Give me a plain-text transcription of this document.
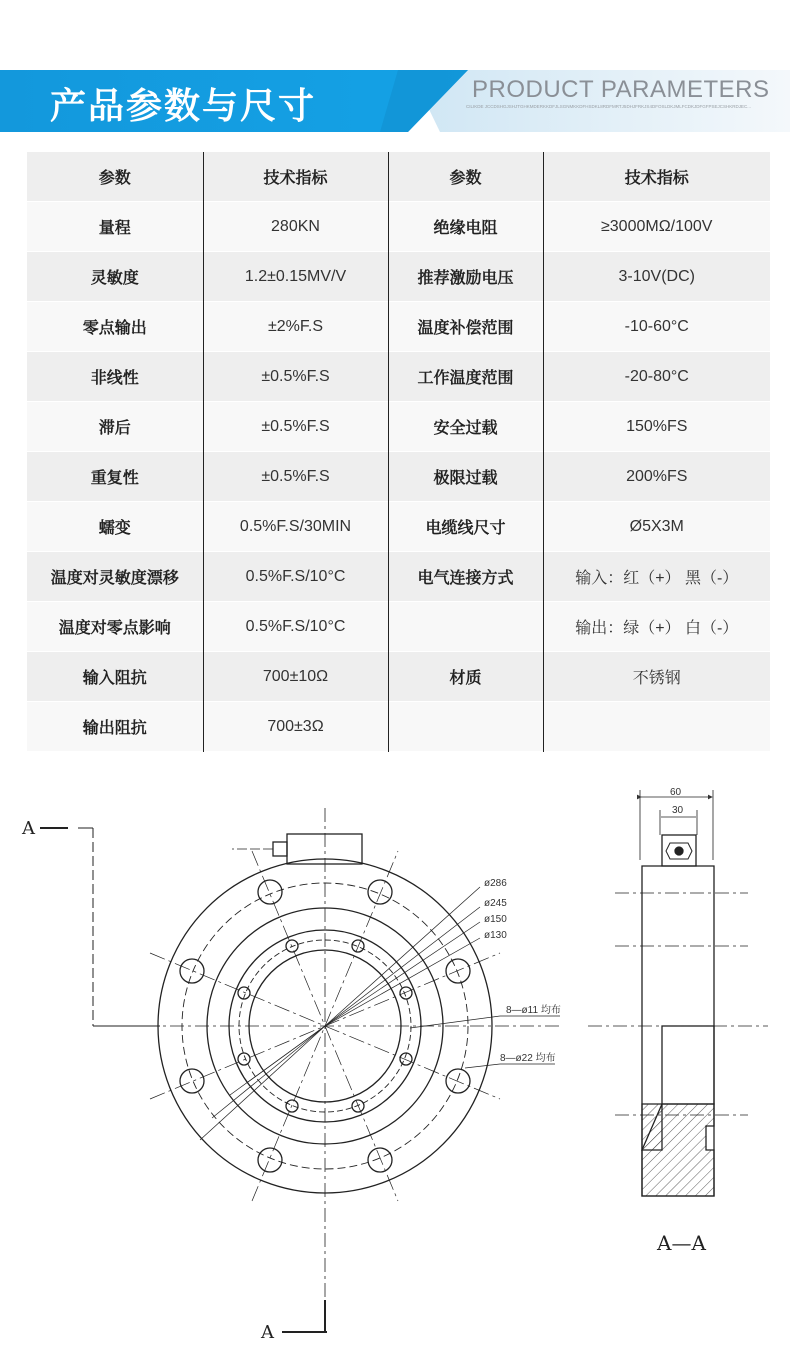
产品参数与尺寸	PRODUCT PARAMETERS
CILIKDE JCCDSHGJSHJTGHKMDERKKDFJLSGNMKKDFHSDKL8RDFMRTJ5DHJFRKJS4DFOSLDKJMLFCDKJDFGFPSEJCSHKRDJEC...
参数	技术指标	参数	技术指标
量程	280KN	绝缘电阻	≥3000MΩ/100V
灵敏度	1.2±0.15MV/V	推荐激励电压	3-10V(DC)
零点输出	±2%F.S	温度补偿范围	-10-60°C
非线性	±0.5%F.S	工作温度范围	-20-80°C
滞后	±0.5%F.S	安全过载	150%FS
重复性	±0.5%F.S	极限过载	200%FS
蠕变	0.5%F.S/30MIN	电缆线尺寸	Ø5X3M
温度对灵敏度漂移	0.5%F.S/10°C	电气连接方式	输入：红（+） 黑（-）
温度对零点影响	0.5%F.S/10°C		输出：绿（+） 白（-）
输入阻抗	700±10Ω	材质	不锈钢
输出阻抗	700±3Ω		
A
A
ø286
ø245
ø150
ø130
8—ø11 均布
8—ø22 均布
60
30
A—A
